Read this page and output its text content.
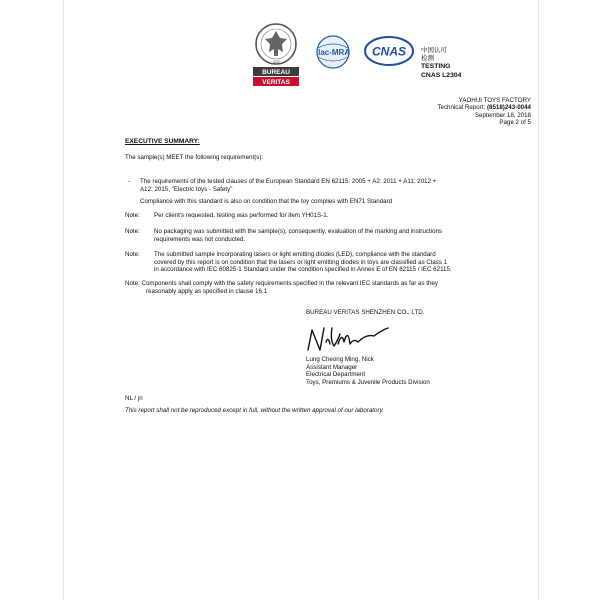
BUREAU
VERITAS
1828
ilac-MRA CNAS 中国认可
检测
TESTING
CNAS L2304
YAOHUI TOYS FACTORY
Technical Report: (8518)243-0044
September 18, 2018
Page 2 of 5
EXECUTIVE SUMMARY:
The sample(s) MEET the following requirement(s):
- The requirements of the tested clauses of the European Standard EN 62115: 2005 + A2: 2011 + A11: 2012 +
A12: 2015, "Electric toys - Safety"
Compliance with this standard is also on condition that the toy complies with EN71 Standard
Note: Per client's requested, testing was performed for item YH01S-1.
Note: No packaging was submitted with the sample(s), consequently, evaluation of the marking and instructions
requirements was not conducted.
Note: The submitted sample incorporating lasers or light emitting diodes (LED), compliance with the standard
covered by this report is on condition that the lasers or light emitting diodes in toys are classified as Class 1
in accordance with IEC 60825-1 Standard under the condition specified in Annex E of EN 62115 / IEC 62115.
Note: Components shall comply with the safety requirements specified in the relevant IEC standards as far as they
reasonably apply as specified in clause 16.1
BUREAU VERITAS SHENZHEN CO., LTD.
Lung Cheong Ming, Nick
Assistant Manager
Electrical Department
Toys, Premiums & Juvenile Products Division
NL / jn
This report shall not be reproduced except in full, without the written approval of our laboratory.
